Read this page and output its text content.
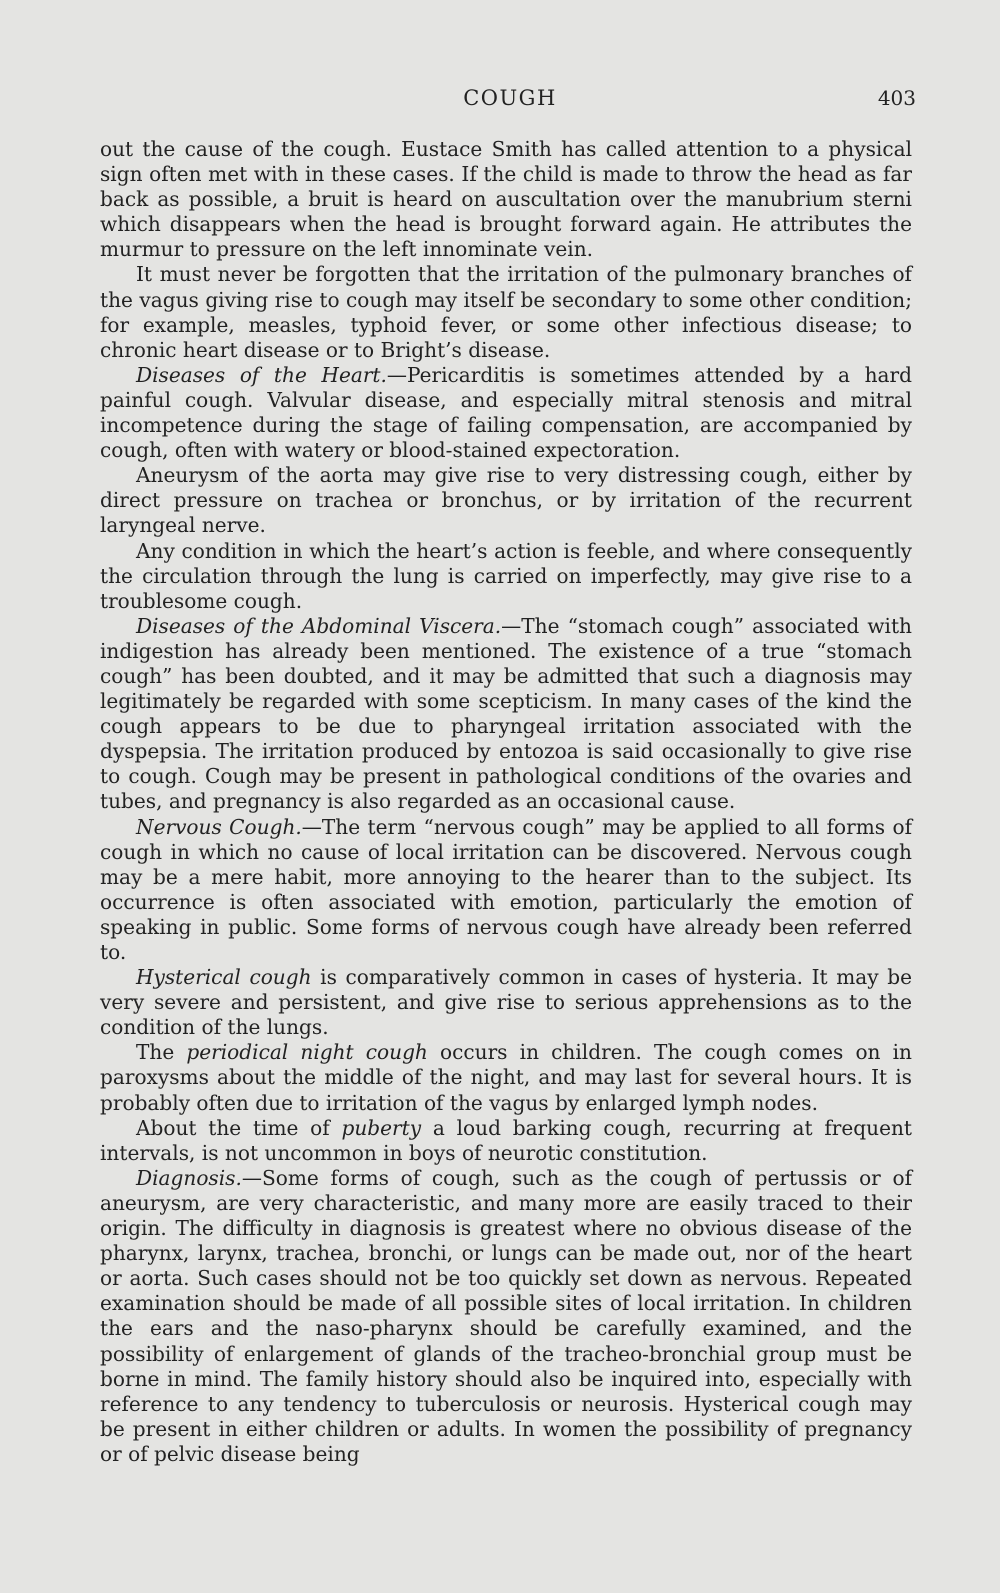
COUGH	403

out the cause of the cough. Eustace Smith has called attention to a physical sign often met with in these cases. If the child is made to throw the head as far back as possible, a bruit is heard on auscultation over the manubrium sterni which disappears when the head is brought forward again. He attributes the murmur to pressure on the left innominate vein.

It must never be forgotten that the irritation of the pulmonary branches of the vagus giving rise to cough may itself be secondary to some other condition; for example, measles, typhoid fever, or some other infectious disease; to chronic heart disease or to Bright’s disease.

Diseases of the Heart.—Pericarditis is sometimes attended by a hard painful cough. Valvular disease, and especially mitral stenosis and mitral incompetence during the stage of failing compensation, are accompanied by cough, often with watery or blood-stained expectoration.

Aneurysm of the aorta may give rise to very distressing cough, either by direct pressure on trachea or bronchus, or by irritation of the recurrent laryngeal nerve.

Any condition in which the heart’s action is feeble, and where consequently the circulation through the lung is carried on imperfectly, may give rise to a troublesome cough.

Diseases of the Abdominal Viscera.—The “stomach cough” associated with indigestion has already been mentioned. The existence of a true “stomach cough” has been doubted, and it may be admitted that such a diagnosis may legitimately be regarded with some scepticism. In many cases of the kind the cough appears to be due to pharyngeal irritation associated with the dyspepsia. The irritation produced by entozoa is said occasionally to give rise to cough. Cough may be present in pathological conditions of the ovaries and tubes, and pregnancy is also regarded as an occasional cause.

Nervous Cough.—The term “nervous cough” may be applied to all forms of cough in which no cause of local irritation can be discovered. Nervous cough may be a mere habit, more annoying to the hearer than to the subject. Its occurrence is often associated with emotion, particularly the emotion of speaking in public. Some forms of nervous cough have already been referred to.

Hysterical cough is comparatively common in cases of hysteria. It may be very severe and persistent, and give rise to serious apprehensions as to the condition of the lungs.

The periodical night cough occurs in children. The cough comes on in paroxysms about the middle of the night, and may last for several hours. It is probably often due to irritation of the vagus by enlarged lymph nodes.

About the time of puberty a loud barking cough, recurring at frequent intervals, is not uncommon in boys of neurotic constitution.

Diagnosis.—Some forms of cough, such as the cough of pertussis or of aneurysm, are very characteristic, and many more are easily traced to their origin. The difficulty in diagnosis is greatest where no obvious disease of the pharynx, larynx, trachea, bronchi, or lungs can be made out, nor of the heart or aorta. Such cases should not be too quickly set down as nervous. Repeated examination should be made of all possible sites of local irritation. In children the ears and the naso-pharynx should be carefully examined, and the possibility of enlargement of glands of the tracheo-bronchial group must be borne in mind. The family history should also be inquired into, especially with reference to any tendency to tuberculosis or neurosis. Hysterical cough may be present in either children or adults. In women the possibility of pregnancy or of pelvic disease being
